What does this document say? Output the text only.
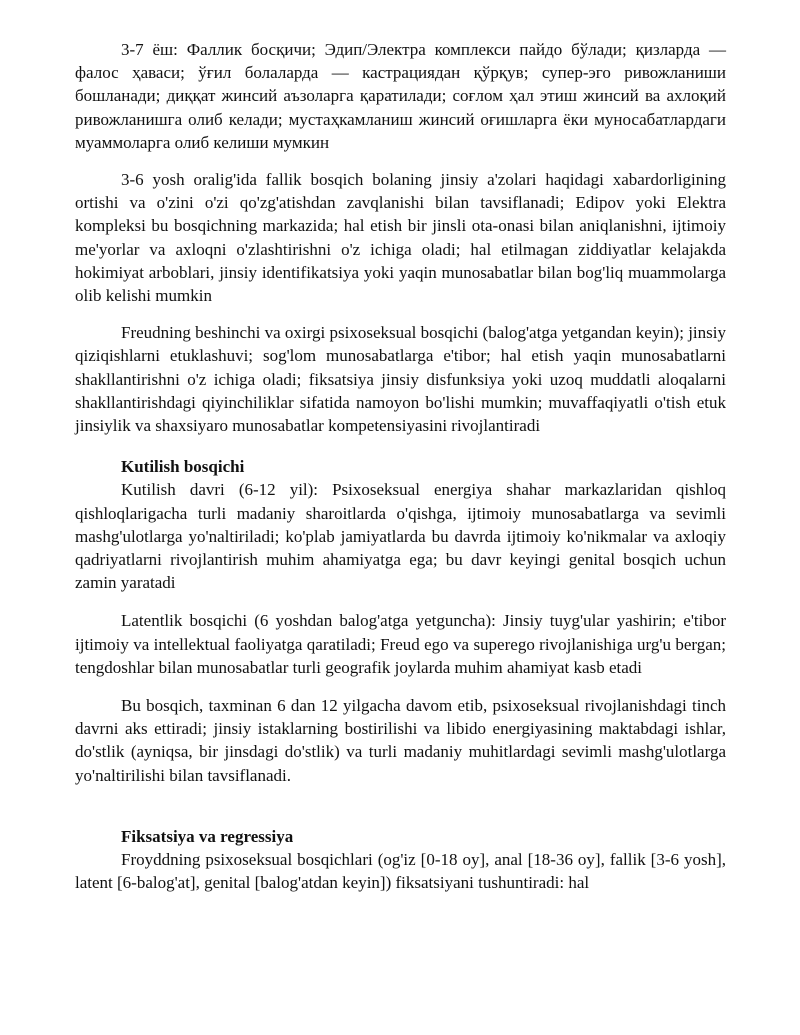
3-7 ёш: Фаллик босқичи; Эдип/Электра комплекси пайдо бўлади; қизларда — фалос ҳаваси; ўғил болаларда — кастрациядан қўрқув; супер-эго ривожланиши бошланади; диққат жинсий аъзоларга қаратилади; соғлом ҳал этиш жинсий ва ахлоқий ривожланишга олиб келади; мустаҳкамланиш жинсий оғишларга ёки муносабатлардаги муаммоларга олиб келиши мумкин

3-6 yosh oralig'ida fallik bosqich bolaning jinsiy a'zolari haqidagi xabardorligining ortishi va o'zini o'zi qo'zg'atishdan zavqlanishi bilan tavsiflanadi; Edipov yoki Elektra kompleksi bu bosqichning markazida; hal etish bir jinsli ota-onasi bilan aniqlanishni, ijtimoiy me'yorlar va axloqni o'zlashtirishni o'z ichiga oladi; hal etilmagan ziddiyatlar kelajakda hokimiyat arboblari, jinsiy identifikatsiya yoki yaqin munosabatlar bilan bog'liq muammolarga olib kelishi mumkin

Freudning beshinchi va oxirgi psixoseksual bosqichi (balog'atga yetgandan keyin); jinsiy qiziqishlarni etuklashuvi; sog'lom munosabatlarga e'tibor; hal etish yaqin munosabatlarni shakllantirishni o'z ichiga oladi; fiksatsiya jinsiy disfunksiya yoki uzoq muddatli aloqalarni shakllantirishdagi qiyinchiliklar sifatida namoyon bo'lishi mumkin; muvaffaqiyatli o'tish etuk jinsiylik va shaxsiyaro munosabatlar kompetensiyasini rivojlantiradi

Kutilish bosqichi

Kutilish davri (6-12 yil): Psixoseksual energiya shahar markazlaridan qishloq qishloqlarigacha turli madaniy sharoitlarda o'qishga, ijtimoiy munosabatlarga va sevimli mashg'ulotlarga yo'naltiriladi; ko'plab jamiyatlarda bu davrda ijtimoiy ko'nikmalar va axloqiy qadriyatlarni rivojlantirish muhim ahamiyatga ega; bu davr keyingi genital bosqich uchun zamin yaratadi

Latentlik bosqichi (6 yoshdan balog'atga yetguncha): Jinsiy tuyg'ular yashirin; e'tibor ijtimoiy va intellektual faoliyatga qaratiladi; Freud ego va superego rivojlanishiga urg'u bergan; tengdoshlar bilan munosabatlar turli geografik joylarda muhim ahamiyat kasb etadi

Bu bosqich, taxminan 6 dan 12 yilgacha davom etib, psixoseksual rivojlanishdagi tinch davrni aks ettiradi; jinsiy istaklarning bostirilishi va libido energiyasining maktabdagi ishlar, do'stlik (ayniqsa, bir jinsdagi do'stlik) va turli madaniy muhitlardagi sevimli mashg'ulotlarga yo'naltirilishi bilan tavsiflanadi.

Fiksatsiya va regressiya

Froyddning psixoseksual bosqichlari (og'iz [0-18 oy], anal [18-36 oy], fallik [3-6 yosh], latent [6-balog'at], genital [balog'atdan keyin]) fiksatsiyani tushuntiradi: hal
